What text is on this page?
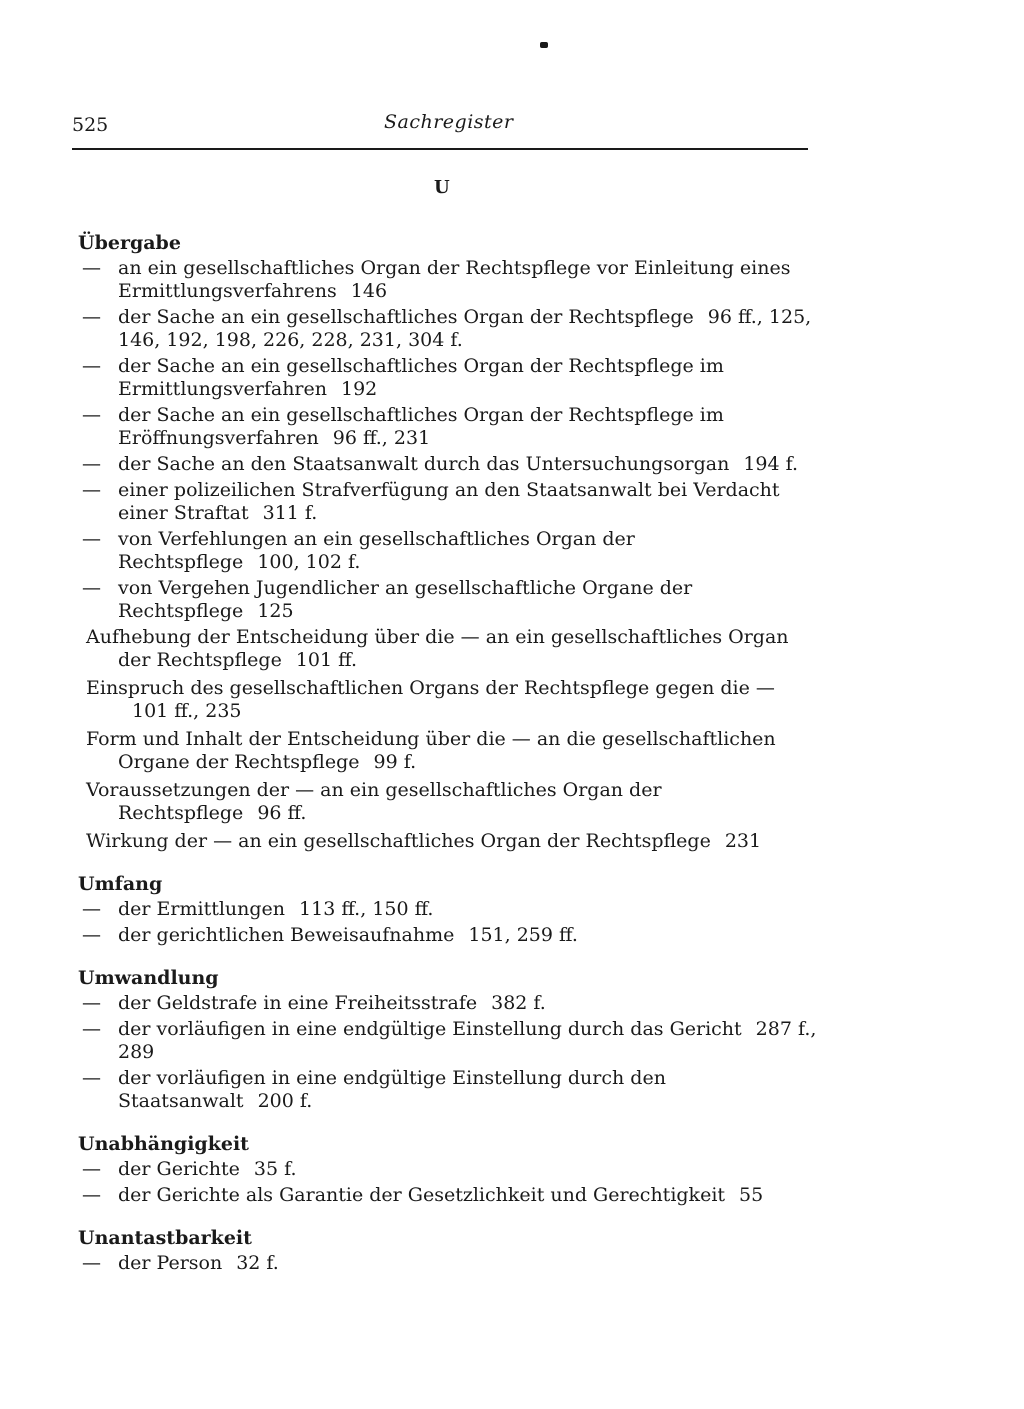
525	Sachregister
U
Übergabe
— an ein gesellschaftliches Organ der Rechtspflege vor Einleitung eines Ermittlungsverfahrens 146
— der Sache an ein gesellschaftliches Organ der Rechtspflege 96 ff., 125, 146, 192, 198, 226, 228, 231, 304 f.
— der Sache an ein gesellschaftliches Organ der Rechtspflege im Ermittlungsverfahren 192
— der Sache an ein gesellschaftliches Organ der Rechtspflege im Eröffnungsverfahren 96 ff., 231
— der Sache an den Staatsanwalt durch das Untersuchungsorgan 194 f.
— einer polizeilichen Strafverfügung an den Staatsanwalt bei Verdacht einer Straftat 311 f.
— von Verfehlungen an ein gesellschaftliches Organ der Rechtspflege 100, 102 f.
— von Vergehen Jugendlicher an gesellschaftliche Organe der Rechtspflege 125
Aufhebung der Entscheidung über die — an ein gesellschaftliches Organ der Rechtspflege 101 ff.
Einspruch des gesellschaftlichen Organs der Rechtspflege gegen die —101 ff., 235
Form und Inhalt der Entscheidung über die — an die gesellschaftlichen Organe der Rechtspflege 99 f.
Voraussetzungen der — an ein gesellschaftliches Organ der Rechtspflege 96 ff.
Wirkung der — an ein gesellschaftliches Organ der Rechtspflege 231
Umfang
— der Ermittlungen 113 ff., 150 ff.
— der gerichtlichen Beweisaufnahme 151, 259 ff.
Umwandlung
— der Geldstrafe in eine Freiheitsstrafe 382 f.
— der vorläufigen in eine endgültige Einstellung durch das Gericht 287 f., 289
— der vorläufigen in eine endgültige Einstellung durch den Staatsanwalt 200 f.
Unabhängigkeit
— der Gerichte 35 f.
— der Gerichte als Garantie der Gesetzlichkeit und Gerechtigkeit 55
Unantastbarkeit
— der Person 32 f.
